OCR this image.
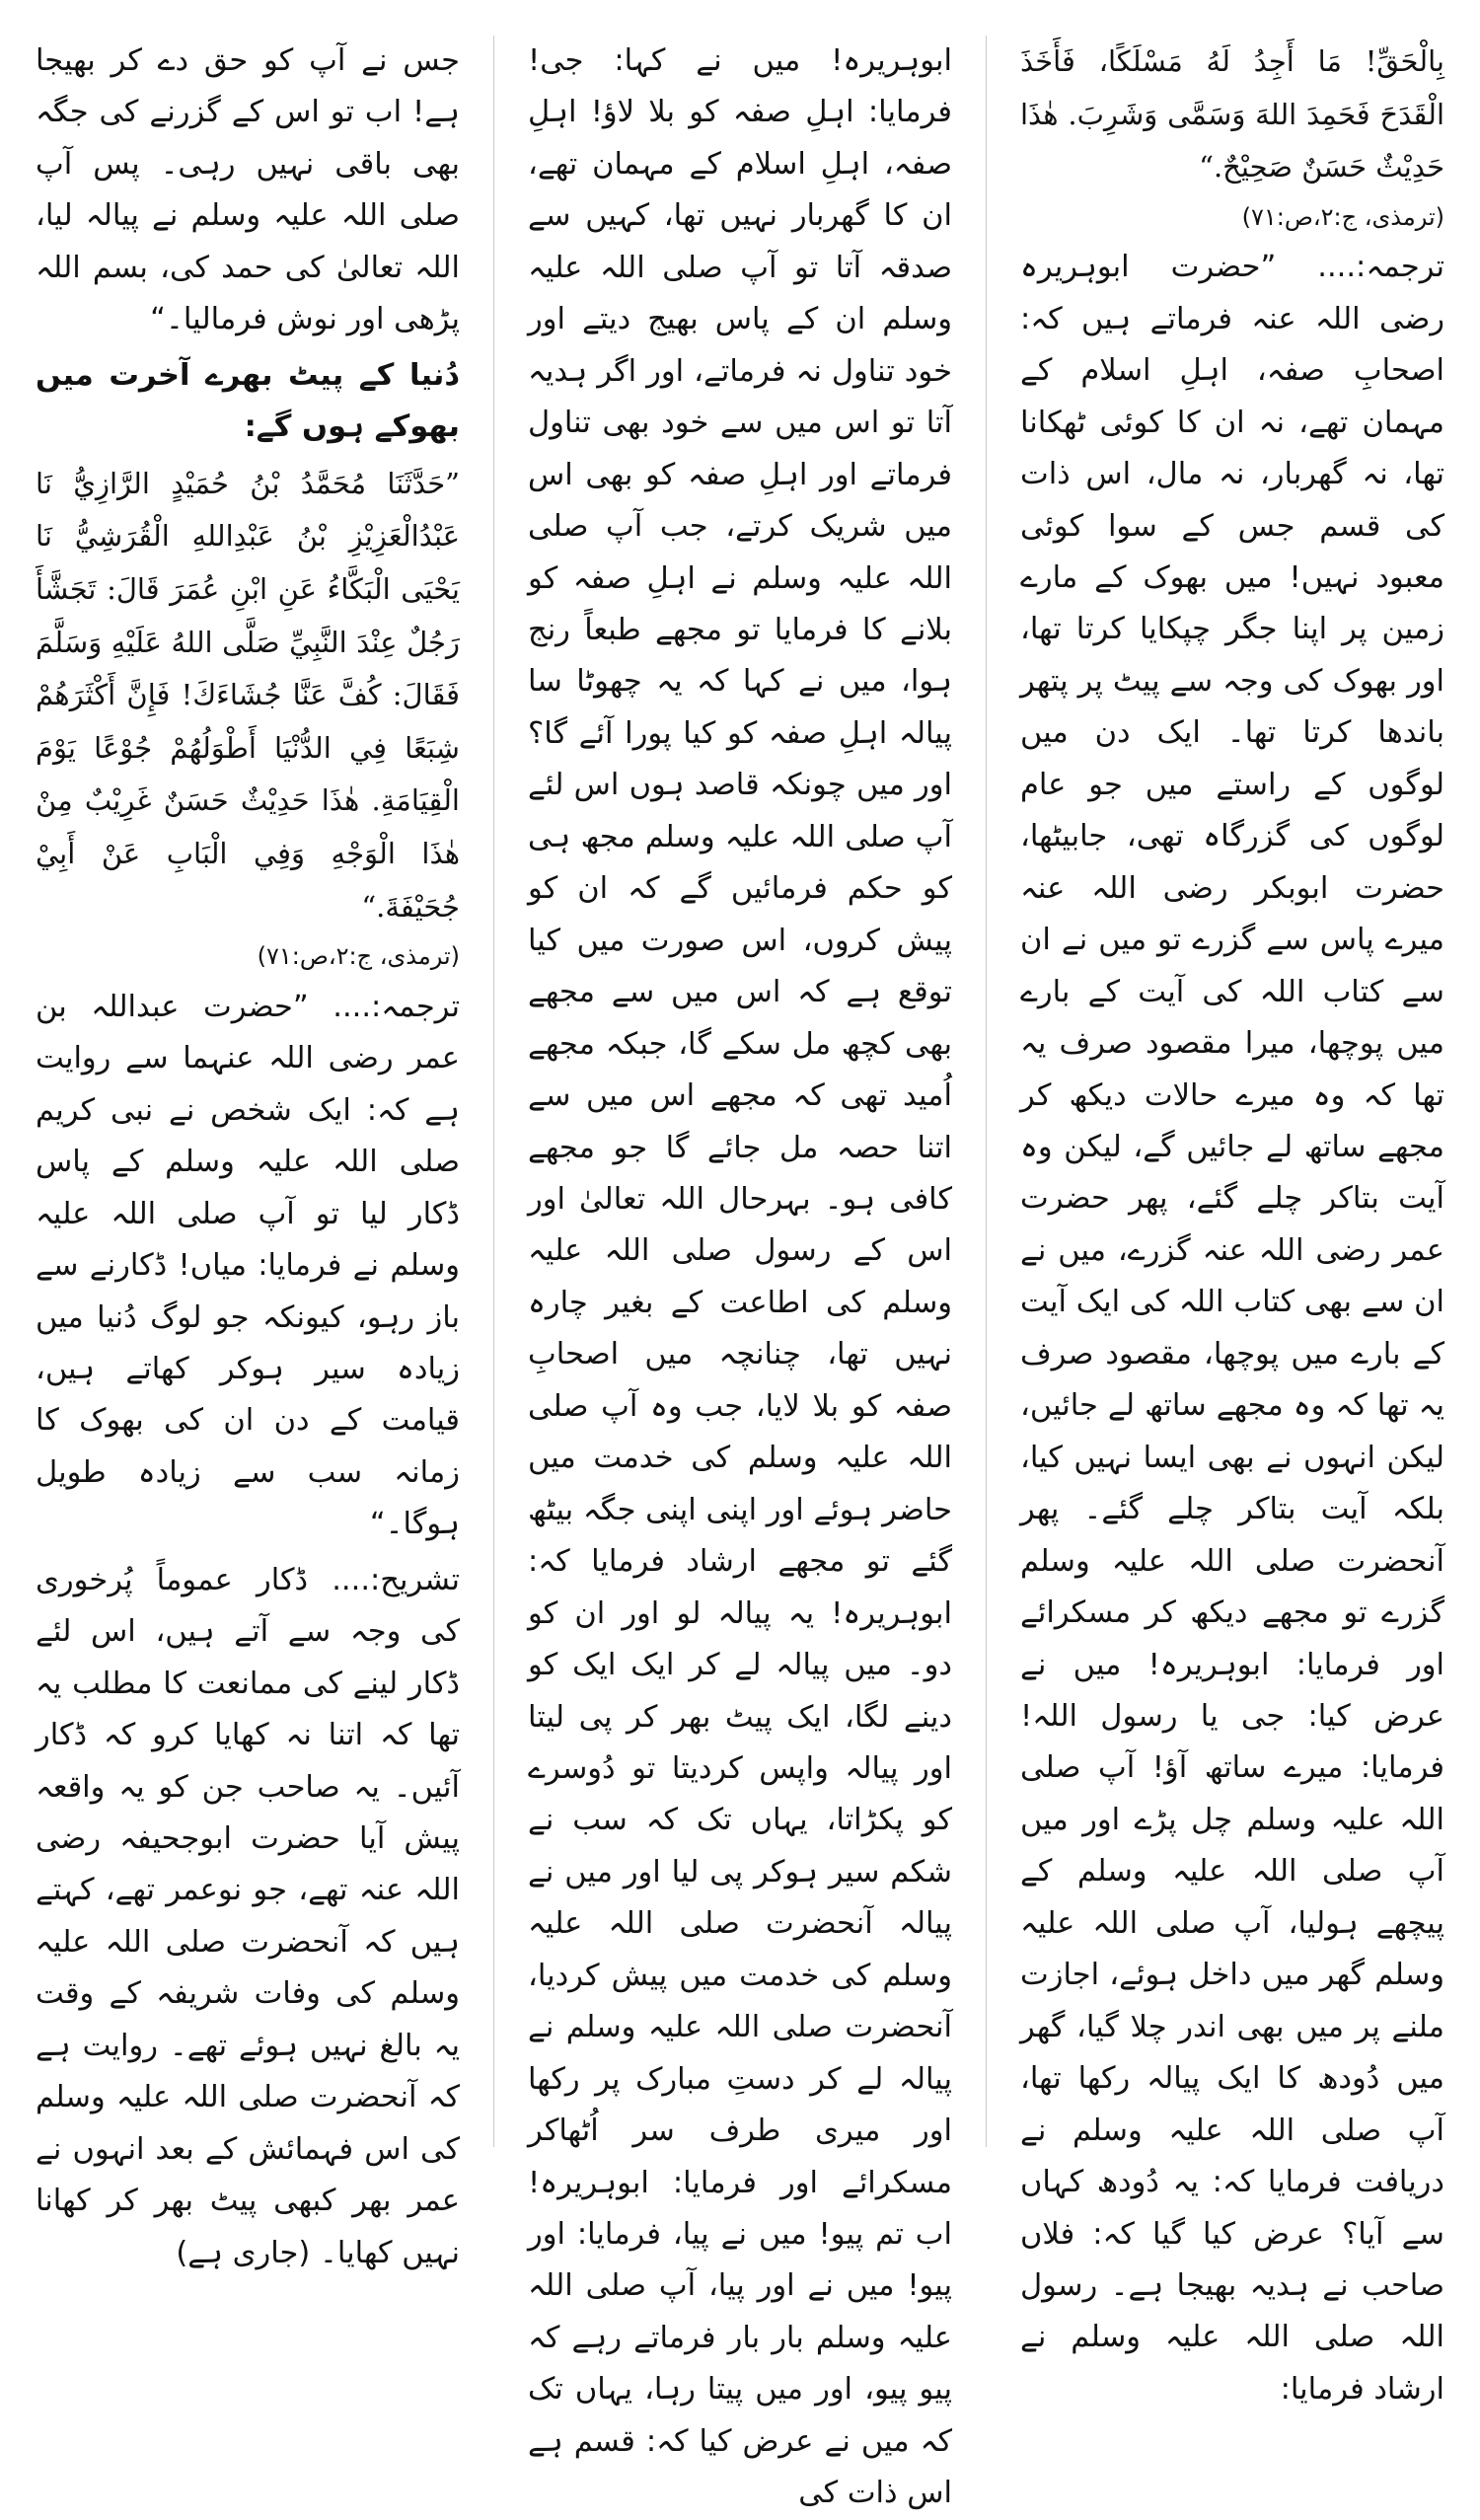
بِالْحَقِّ! مَا أَجِدُ لَهُ مَسْلَكًا، فَأَخَذَ الْقَدَحَ فَحَمِدَ اللهَ وَسَمَّى وَشَرِبَ. هٰذَا حَدِيْثٌ حَسَنٌ صَحِيْحٌ.“

(ترمذی، ج:۲،ص:۷۱)

ترجمہ:.... ”حضرت ابوہریرہ رضی اللہ عنہ فرماتے ہیں کہ: اصحابِ صفہ، اہلِ اسلام کے مہمان تھے، نہ ان کا کوئی ٹھکانا تھا، نہ گھربار، نہ مال، اس ذات کی قسم جس کے سوا کوئی معبود نہیں! میں بھوک کے مارے زمین پر اپنا جگر چپکایا کرتا تھا، اور بھوک کی وجہ سے پیٹ پر پتھر باندھا کرتا تھا۔ ایک دن میں لوگوں کے راستے میں جو عام لوگوں کی گزرگاہ تھی، جابیٹھا، حضرت ابوبکر رضی اللہ عنہ میرے پاس سے گزرے تو میں نے ان سے کتاب اللہ کی آیت کے بارے میں پوچھا، میرا مقصود صرف یہ تھا کہ وہ میرے حالات دیکھ کر مجھے ساتھ لے جائیں گے، لیکن وہ آیت بتاکر چلے گئے، پھر حضرت عمر رضی اللہ عنہ گزرے، میں نے ان سے بھی کتاب اللہ کی ایک آیت کے بارے میں پوچھا، مقصود صرف یہ تھا کہ وہ مجھے ساتھ لے جائیں، لیکن انہوں نے بھی ایسا نہیں کیا، بلکہ آیت بتاکر چلے گئے۔ پھر آنحضرت صلی اللہ علیہ وسلم گزرے تو مجھے دیکھ کر مسکرائے اور فرمایا: ابوہریرہ! میں نے عرض کیا: جی یا رسول اللہ! فرمایا: میرے ساتھ آؤ! آپ صلی اللہ علیہ وسلم چل پڑے اور میں آپ صلی اللہ علیہ وسلم کے پیچھے ہولیا، آپ صلی اللہ علیہ وسلم گھر میں داخل ہوئے، اجازت ملنے پر میں بھی اندر چلا گیا، گھر میں دُودھ کا ایک پیالہ رکھا تھا، آپ صلی اللہ علیہ وسلم نے دریافت فرمایا کہ: یہ دُودھ کہاں سے آیا؟ عرض کیا گیا کہ: فلاں صاحب نے ہدیہ بھیجا ہے۔ رسول اللہ صلی اللہ علیہ وسلم نے ارشاد فرمایا:

ابوہریرہ! میں نے کہا: جی! فرمایا: اہلِ صفہ کو بلا لاؤ! اہلِ صفہ، اہلِ اسلام کے مہمان تھے، ان کا گھربار نہیں تھا، کہیں سے صدقہ آتا تو آپ صلی اللہ علیہ وسلم ان کے پاس بھیج دیتے اور خود تناول نہ فرماتے، اور اگر ہدیہ آتا تو اس میں سے خود بھی تناول فرماتے اور اہلِ صفہ کو بھی اس میں شریک کرتے، جب آپ صلی اللہ علیہ وسلم نے اہلِ صفہ کو بلانے کا فرمایا تو مجھے طبعاً رنج ہوا، میں نے کہا کہ یہ چھوٹا سا پیالہ اہلِ صفہ کو کیا پورا آئے گا؟ اور میں چونکہ قاصد ہوں اس لئے آپ صلی اللہ علیہ وسلم مجھ ہی کو حکم فرمائیں گے کہ ان کو پیش کروں، اس صورت میں کیا توقع ہے کہ اس میں سے مجھے بھی کچھ مل سکے گا، جبکہ مجھے اُمید تھی کہ مجھے اس میں سے اتنا حصہ مل جائے گا جو مجھے کافی ہو۔ بہرحال اللہ تعالیٰ اور اس کے رسول صلی اللہ علیہ وسلم کی اطاعت کے بغیر چارہ نہیں تھا، چنانچہ میں اصحابِ صفہ کو بلا لایا، جب وہ آپ صلی اللہ علیہ وسلم کی خدمت میں حاضر ہوئے اور اپنی اپنی جگہ بیٹھ گئے تو مجھے ارشاد فرمایا کہ: ابوہریرہ! یہ پیالہ لو اور ان کو دو۔ میں پیالہ لے کر ایک ایک کو دینے لگا، ایک پیٹ بھر کر پی لیتا اور پیالہ واپس کردیتا تو دُوسرے کو پکڑاتا، یہاں تک کہ سب نے شکم سیر ہوکر پی لیا اور میں نے پیالہ آنحضرت صلی اللہ علیہ وسلم کی خدمت میں پیش کردیا، آنحضرت صلی اللہ علیہ وسلم نے پیالہ لے کر دستِ مبارک پر رکھا اور میری طرف سر اُٹھاکر مسکرائے اور فرمایا: ابوہریرہ! اب تم پیو! میں نے پیا، فرمایا: اور پیو! میں نے اور پیا، آپ صلی اللہ علیہ وسلم بار بار فرماتے رہے کہ پیو پیو، اور میں پیتا رہا، یہاں تک کہ میں نے عرض کیا کہ: قسم ہے اس ذات کی

جس نے آپ کو حق دے کر بھیجا ہے! اب تو اس کے گزرنے کی جگہ بھی باقی نہیں رہی۔ پس آپ صلی اللہ علیہ وسلم نے پیالہ لیا، اللہ تعالیٰ کی حمد کی، بسم اللہ پڑھی اور نوش فرمالیا۔“

دُنیا کے پیٹ بھرے آخرت میں بھوکے ہوں گے:

”حَدَّثَنَا مُحَمَّدُ بْنُ حُمَيْدٍ الرَّازِيُّ نَا عَبْدُالْعَزِيْزِ بْنُ عَبْدِاللهِ الْقُرَشِيُّ نَا يَحْيَى الْبَكَّاءُ عَنِ ابْنِ عُمَرَ قَالَ: تَجَشَّأَ رَجُلٌ عِنْدَ النَّبِيِّ صَلَّى اللهُ عَلَيْهِ وَسَلَّمَ فَقَالَ: كُفَّ عَنَّا جُشَاءَكَ! فَإِنَّ أَكْثَرَهُمْ شِبَعًا فِي الدُّنْيَا أَطْوَلُهُمْ جُوْعًا يَوْمَ الْقِيَامَةِ. هٰذَا حَدِيْثٌ حَسَنٌ غَرِيْبٌ مِنْ هٰذَا الْوَجْهِ وَفِي الْبَابِ عَنْ أَبِيْ جُحَيْفَةَ.“

(ترمذی، ج:۲،ص:۷۱)

ترجمہ:.... ”حضرت عبداللہ بن عمر رضی اللہ عنہما سے روایت ہے کہ: ایک شخص نے نبی کریم صلی اللہ علیہ وسلم کے پاس ڈکار لیا تو آپ صلی اللہ علیہ وسلم نے فرمایا: میاں! ڈکارنے سے باز رہو، کیونکہ جو لوگ دُنیا میں زیادہ سیر ہوکر کھاتے ہیں، قیامت کے دن ان کی بھوک کا زمانہ سب سے زیادہ طویل ہوگا۔“

تشریح:.... ڈکار عموماً پُرخوری کی وجہ سے آتے ہیں، اس لئے ڈکار لینے کی ممانعت کا مطلب یہ تھا کہ اتنا نہ کھایا کرو کہ ڈکار آئیں۔ یہ صاحب جن کو یہ واقعہ پیش آیا حضرت ابوجحیفہ رضی اللہ عنہ تھے، جو نوعمر تھے، کہتے ہیں کہ آنحضرت صلی اللہ علیہ وسلم کی وفات شریفہ کے وقت یہ بالغ نہیں ہوئے تھے۔ روایت ہے کہ آنحضرت صلی اللہ علیہ وسلم کی اس فہمائش کے بعد انہوں نے عمر بھر کبھی پیٹ بھر کر کھانا نہیں کھایا۔ (جاری ہے)
